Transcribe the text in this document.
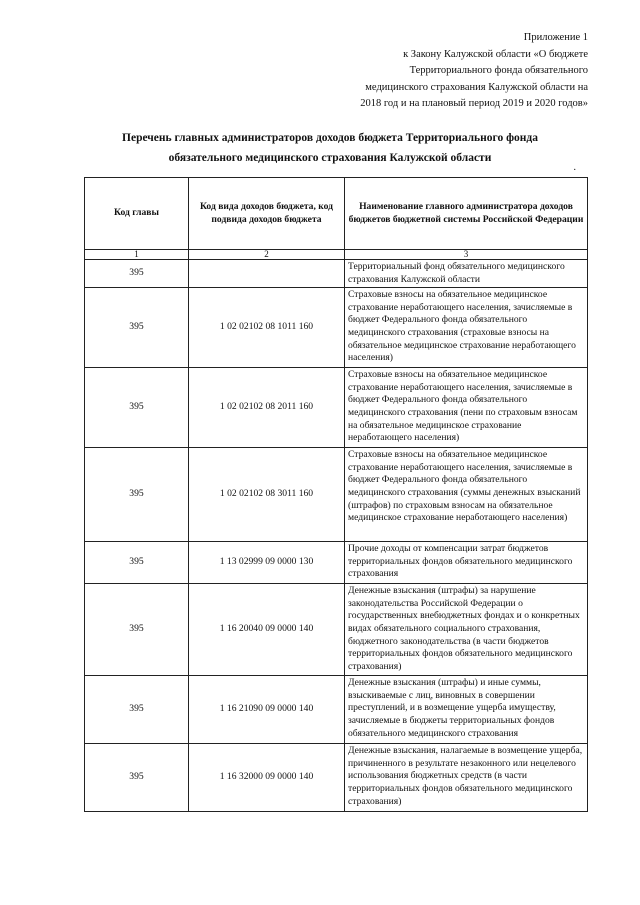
Приложение 1
к Закону Калужской области «О бюджете
Территориального фонда обязательного
медицинского страхования Калужской области на
2018 год и на плановый период 2019 и 2020 годов»
Перечень главных администраторов доходов бюджета Территориального фонда
обязательного медицинского страхования Калужской области
.
Код главы	Код вида доходов бюджета, код подвида доходов бюджета	Наименование главного администратора доходов бюджетов бюджетной системы Российской Федерации
1	2	3
395		Территориальный фонд обязательного медицинского страхования Калужской области
395	1 02 02102 08 1011 160	Страховые взносы на обязательное медицинское страхование неработающего населения, зачисляемые в бюджет Федерального фонда обязательного медицинского страхования (страховые взносы на обязательное медицинское страхование неработающего населения)
395	1 02 02102 08 2011 160	Страховые взносы на обязательное медицинское страхование неработающего населения, зачисляемые в бюджет Федерального фонда обязательного медицинского страхования (пени по страховым взносам на обязательное медицинское страхование неработающего населения)
395	1 02 02102 08 3011 160	Страховые взносы на обязательное медицинское страхование неработающего населения, зачисляемые в бюджет Федерального фонда обязательного медицинского страхования (суммы денежных взысканий (штрафов) по страховым взносам на обязательное медицинское страхование неработающего населения)
395	1 13 02999 09 0000 130	Прочие доходы от компенсации затрат бюджетов территориальных фондов обязательного медицинского страхования
395	1 16 20040 09 0000 140	Денежные взыскания (штрафы) за нарушение законодательства Российской Федерации о государственных внебюджетных фондах и о конкретных видах обязательного социального страхования, бюджетного законодательства (в части бюджетов территориальных фондов обязательного медицинского страхования)
395	1 16 21090 09 0000 140	Денежные взыскания (штрафы) и иные суммы, взыскиваемые с лиц, виновных в совершении преступлений, и в возмещение ущерба имуществу, зачисляемые в бюджеты территориальных фондов обязательного медицинского страхования
395	1 16 32000 09 0000 140	Денежные взыскания, налагаемые в возмещение ущерба, причиненного в результате незаконного или нецелевого использования бюджетных средств (в части территориальных фондов обязательного медицинского страхования)
